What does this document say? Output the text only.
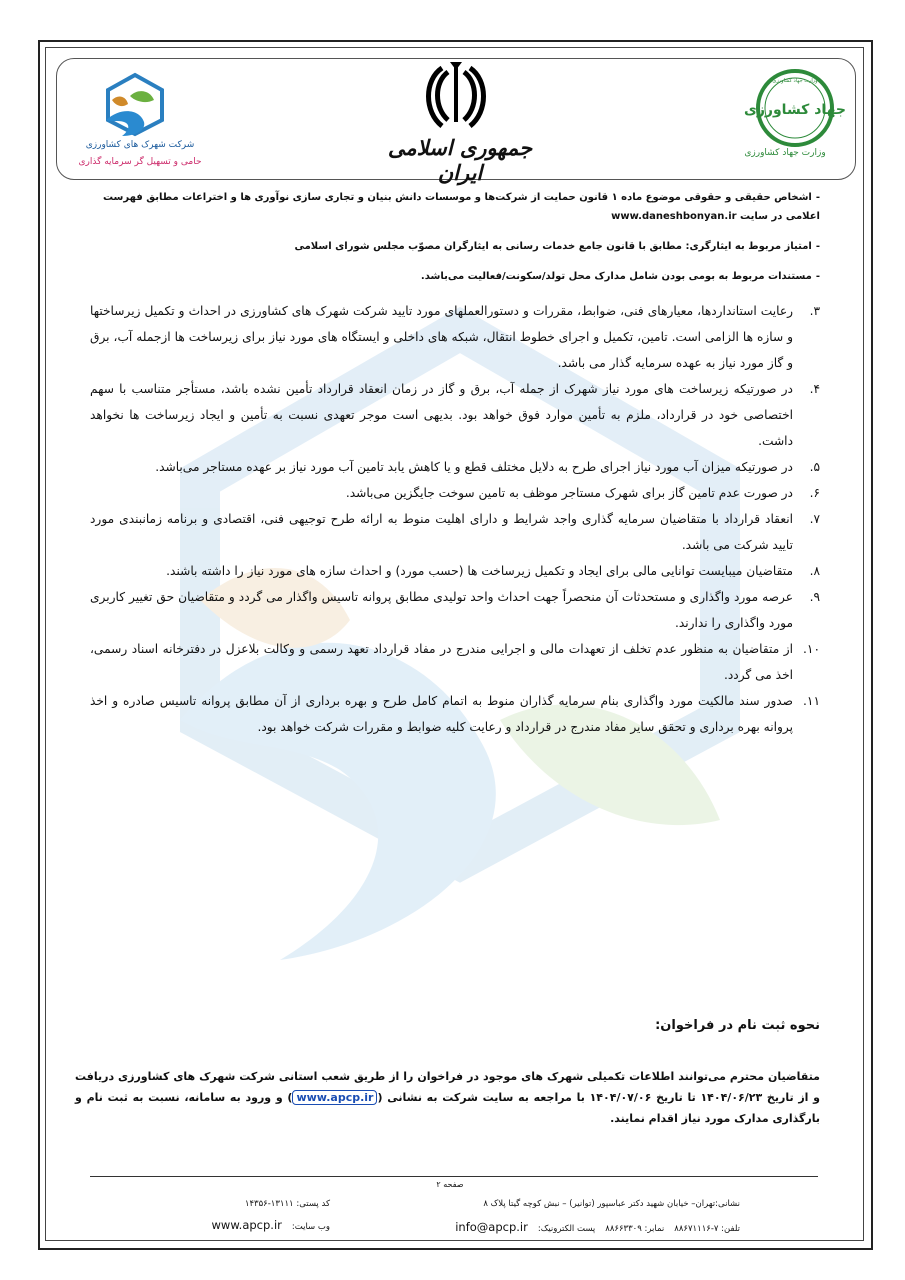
جهاد کشاورزی
وزارت جهاد کشاورزی
وزارت جهاد کشاورزی
جمهوری اسلامی ایران
شرکت شهرک های کشاورزی
حامی و تسهیل گر سرمایه گذاری
-اشخاص حقیقی و حقوقی موضوع ماده ۱ قانون حمایت از شرکت‌ها و موسسات دانش بنیان و تجاری سازی نوآوری ها و اختراعات مطابق فهرست اعلامی در سایت www.daneshbonyan.ir
-امتیاز مربوط به ایثارگری: مطابق با قانون جامع خدمات رسانی به ایثارگران مصوّب مجلس شورای اسلامی
-مستندات مربوط به بومی بودن شامل مدارک محل تولد/سکونت/فعالیت می‌باشد.
۳.
رعایت استانداردها، معیارهای فنی، ضوابط، مقررات و دستورالعملهای مورد تایید شرکت شهرک های کشاورزی در احداث و تکمیل زیرساختها و سازه ها الزامی است. تامین، تکمیل و اجرای خطوط انتقال، شبکه های داخلی و ایستگاه های مورد نیاز برای زیرساخت ها ازجمله آب، برق و گاز مورد نیاز به عهده سرمایه گذار می باشد.
۴.
در صورتیکه زیرساخت های مورد نیاز شهرک از جمله آب، برق و گاز در زمان انعقاد قرارداد تأمین نشده باشد، مستأجر متناسب با سهم اختصاصی خود در قرارداد، ملزم به تأمین موارد فوق خواهد بود. بدیهی است موجر تعهدی نسبت به تأمین و ایجاد زیرساخت ها نخواهد داشت.
۵.
در صورتیکه میزان آب مورد نیاز اجرای طرح به دلایل مختلف قطع و یا کاهش یابد تامین آب مورد نیاز بر عهده مستاجر می‌باشد.
۶.
در صورت عدم تامین گاز برای شهرک مستاجر موظف به تامین سوخت جایگزین می‌باشد.
۷.
انعقاد قرارداد با متقاضیان سرمایه گذاری واجد شرایط و دارای اهلیت منوط به ارائه طرح توجیهی فنی، اقتصادی و برنامه زمانبندی مورد تایید شرکت می باشد.
۸.
متقاضیان میبایست توانایی مالی برای ایجاد و تکمیل زیرساخت ها (حسب مورد) و احداث سازه های مورد نیاز را داشته باشند.
۹.
عرصه مورد واگذاری و مستحدثات آن منحصراً جهت احداث واحد تولیدی مطابق پروانه تاسیس واگذار می گردد و متقاضیان حق تغییر کاربری مورد واگذاری را ندارند.
۱۰.
از متقاضیان به منظور عدم تخلف از تعهدات مالی و اجرایی مندرج در مفاد قرارداد تعهد رسمی و وکالت بلاعزل در دفترخانه اسناد رسمی، اخذ می گردد.
۱۱.
صدور سند مالکیت مورد واگذاری بنام سرمایه گذاران منوط به اتمام کامل طرح و بهره برداری از آن مطابق پروانه تاسیس صادره و اخذ پروانه بهره برداری و تحقق سایر مفاد مندرج در قرارداد و رعایت کلیه ضوابط و مقررات شرکت خواهد بود.
نحوه ثبت نام در فراخوان:
متقاضیان محترم می‌توانند اطلاعات تکمیلی شهرک های موجود در فراخوان را از طریق شعب استانی شرکت شهرک های کشاورزی دریافت و از تاریخ ۱۴۰۴/۰۶/۲۳ تا تاریخ ۱۴۰۴/۰۷/۰۶ با مراجعه به سایت شرکت به نشانی (www.apcp.ir) و ورود به سامانه، نسبت به ثبت نام و بارگذاری مدارک مورد نیاز اقدام نمایند.
صفحه ۲
نشانی:تهران– خیابان شهید دکتر عباسپور (توانیر) – نبش کوچه گیتا پلاک ۸
کد پستی: ۱۳۱۱۱-۱۴۳۵۶
تلفن: ۷-۸۸۶۷۱۱۱۶نمابر: ۸۸۶۶۳۳۰۹پست الکترونیک:info@apcp.ir
وب سایت:www.apcp.ir
